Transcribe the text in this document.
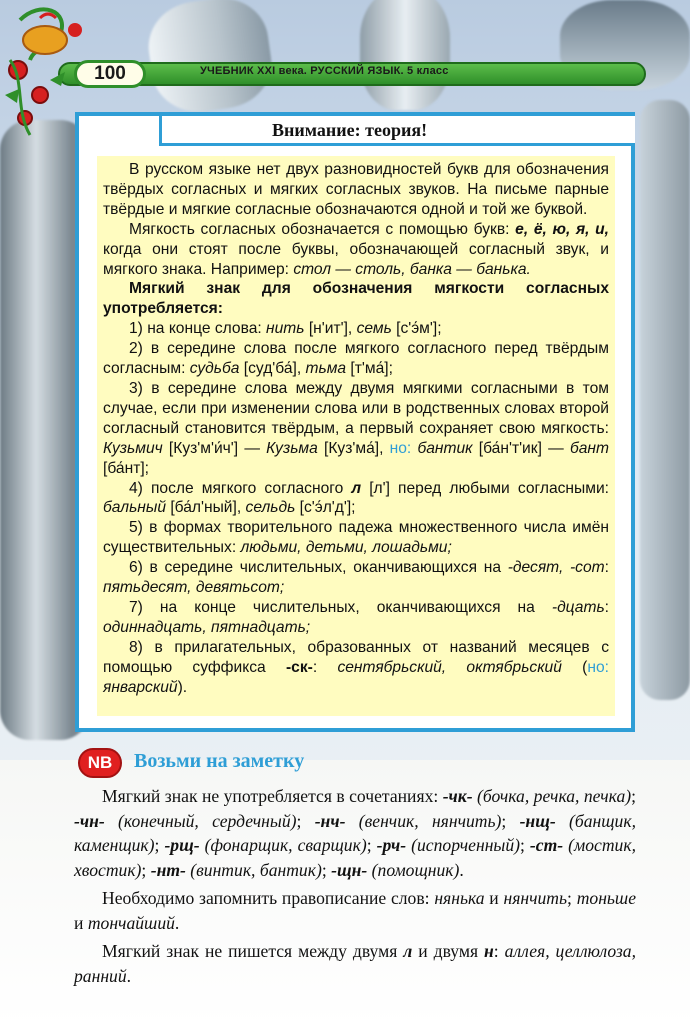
100	УЧЕБНИК XXI века. РУССКИЙ ЯЗЫК. 5 класс
Внимание: теория!

В русском языке нет двух разновидностей букв для обозначения твёрдых согласных и мягких согласных звуков. На письме парные твёрдые и мягкие согласные обозначаются одной и той же буквой.

Мягкость согласных обозначается с помощью букв: е, ё, ю, я, и, когда они стоят после буквы, обозначающей согласный звук, и мягкого знака. Например: стол — столь, банка — банька.

Мягкий знак для обозначения мягкости согласных употребляется:

1) на конце слова: нить [н'ит'], семь [с'э́м'];

2) в середине слова после мягкого согласного перед твёрдым согласным: судьба [суд'ба́], тьма [т'ма́];

3) в середине слова между двумя мягкими согласными в том случае, если при изменении слова или в родственных словах второй согласный становится твёрдым, а первый сохраняет свою мягкость: Кузьмич [Куз'м'и́ч'] — Кузьма [Куз'ма́], но: бантик [ба́н'т'ик] — бант [ба́нт];

4) после мягкого согласного л [л'] перед любыми согласными: бальный [ба́л'ный], сельдь [с'э́л'д'];

5) в формах творительного падежа множественного числа имён существительных: людьми, детьми, лошадьми;

6) в середине числительных, оканчивающихся на -десят, -сот: пятьдесят, девятьсот;

7) на конце числительных, оканчивающихся на -дцать: одиннадцать, пятнадцать;

8) в прилагательных, образованных от названий месяцев с помощью суффикса -ск-: сентябрьский, октябрьский (но: январский).

NB	Возьми на заметку

Мягкий знак не употребляется в сочетаниях: -чк- (бочка, речка, печка); -чн- (конечный, сердечный); -нч- (венчик, нянчить); -нщ- (банщик, каменщик); -рщ- (фонарщик, сварщик); -рч- (испорченный); -ст- (мостик, хвостик); -нт- (винтик, бантик); -щн- (помощник).

Необходимо запомнить правописание слов: нянька и нянчить; тоньше и тончайший.

Мягкий знак не пишется между двумя л и двумя н: аллея, целлюлоза, ранний.
